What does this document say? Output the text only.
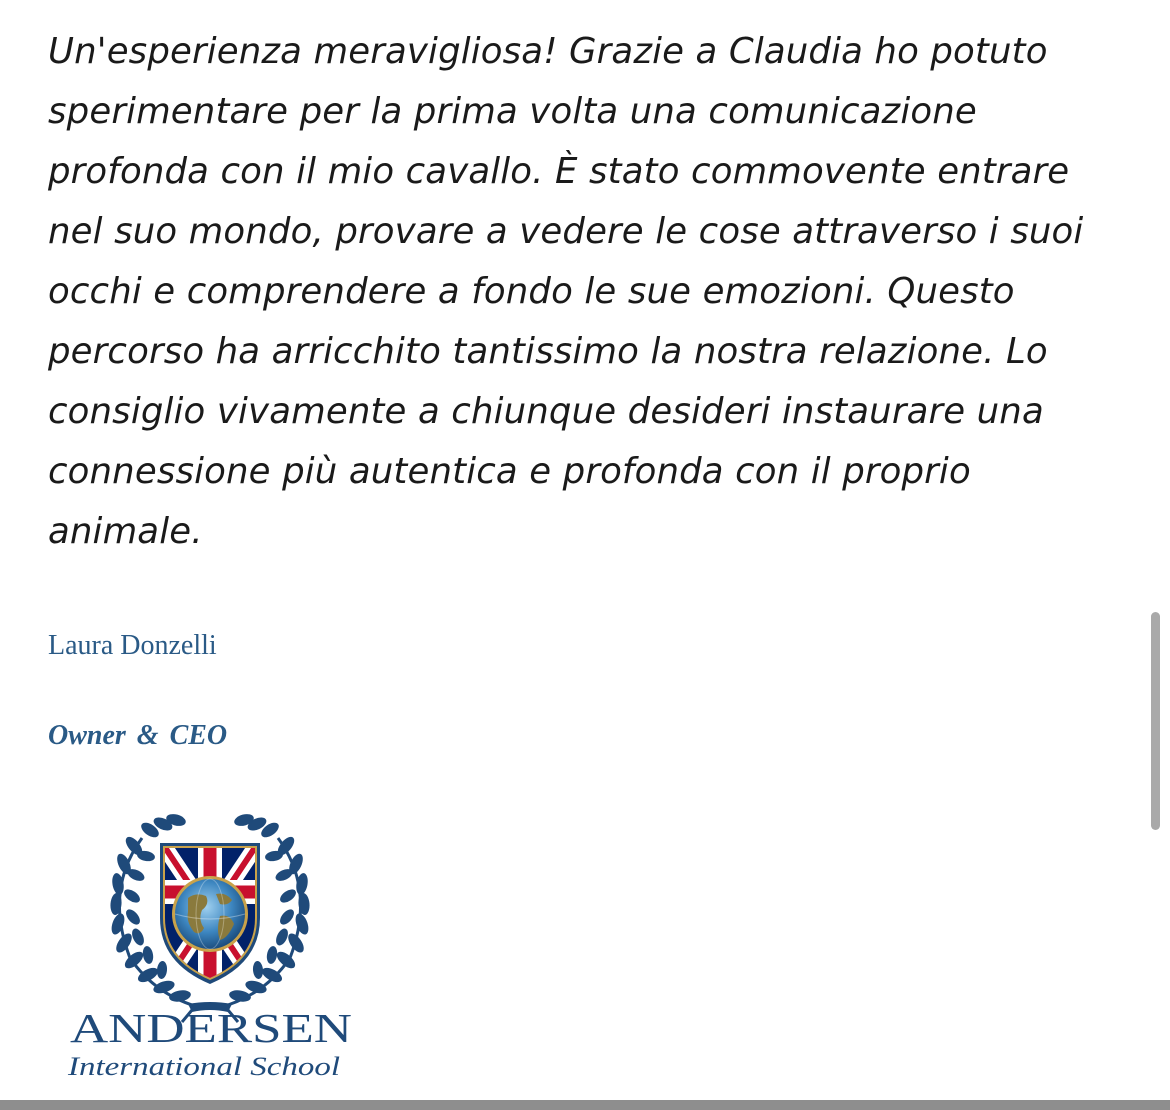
Un'esperienza meravigliosa! Grazie a Claudia ho potuto
sperimentare per la prima volta una comunicazione
profonda con il mio cavallo. È stato commovente entrare
nel suo mondo, provare a vedere le cose attraverso i suoi
occhi e comprendere a fondo le sue emozioni. Questo
percorso ha arricchito tantissimo la nostra relazione. Lo
consiglio vivamente a chiunque desideri instaurare una
connessione più autentica e profonda con il proprio
animale.

Laura Donzelli
Owner & CEO
ANDERSEN
International School
